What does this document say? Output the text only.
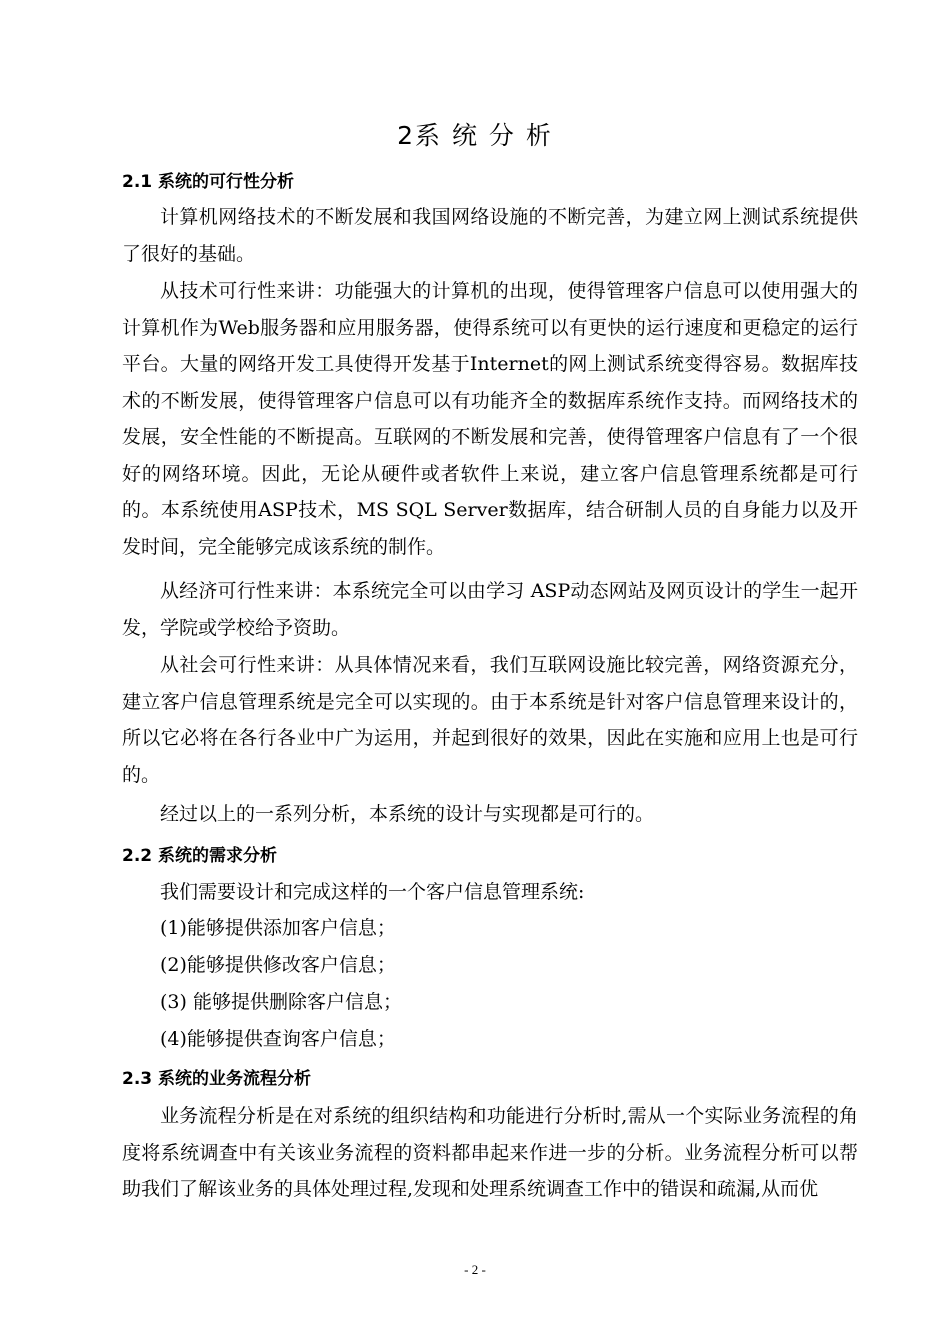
2系 统 分 析
2.1 系统的可行性分析

计算机网络技术的不断发展和我国网络设施的不断完善，为建立网上测试系统提供了很好的基础。

从技术可行性来讲：功能强大的计算机的出现，使得管理客户信息可以使用强大的计算机作为Web服务器和应用服务器，使得系统可以有更快的运行速度和更稳定的运行平台。大量的网络开发工具使得开发基于Internet的网上测试系统变得容易。数据库技术的不断发展，使得管理客户信息可以有功能齐全的数据库系统作支持。而网络技术的发展，安全性能的不断提高。互联网的不断发展和完善，使得管理客户信息有了一个很好的网络环境。因此，无论从硬件或者软件上来说，建立客户信息管理系统都是可行的。本系统使用ASP技术，MS SQL Server数据库，结合研制人员的自身能力以及开发时间，完全能够完成该系统的制作。

从经济可行性来讲：本系统完全可以由学习 ASP动态网站及网页设计的学生一起开发，学院或学校给予资助。

从社会可行性来讲：从具体情况来看，我们互联网设施比较完善，网络资源充分，建立客户信息管理系统是完全可以实现的。由于本系统是针对客户信息管理来设计的，所以它必将在各行各业中广为运用，并起到很好的效果，因此在实施和应用上也是可行的。

经过以上的一系列分析，本系统的设计与实现都是可行的。

2.2 系统的需求分析

我们需要设计和完成这样的一个客户信息管理系统:

(1)能够提供添加客户信息；

(2)能够提供修改客户信息；

(3) 能够提供删除客户信息；

(4)能够提供查询客户信息；

2.3 系统的业务流程分析

业务流程分析是在对系统的组织结构和功能进行分析时,需从一个实际业务流程的角度将系统调查中有关该业务流程的资料都串起来作进一步的分析。业务流程分析可以帮助我们了解该业务的具体处理过程,发现和处理系统调查工作中的错误和疏漏,从而优

- 2 -
